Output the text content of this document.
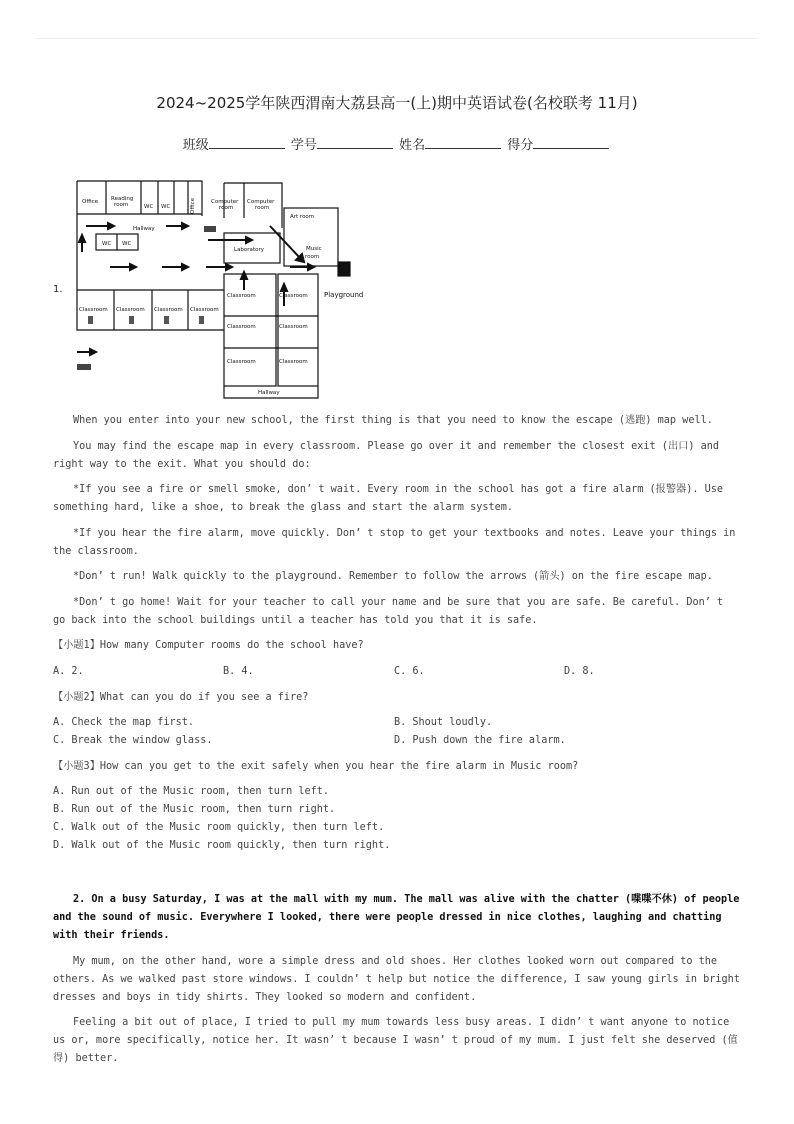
2024~2025学年陕西渭南大荔县高一(上)期中英语试卷(名校联考 11月)
班级	学号	姓名	得分
1.
Office Reading
room	WC WC	Office
WC WC
Computer
room
Computer
room
Hallway
Art room
Laboratory	Music
room
Classroom Classroom Classroom Classroom
Classroom	Classroom
Classroom	Classroom
Classroom	Classroom
Hallway
Playground
When you enter into your new school, the first thing is that you need to know the escape (逃跑) map well.
You may find the escape map in every classroom. Please go over it and remember the closest exit (出口) and right way to the exit. What you should do:
*If you see a fire or smell smoke, don’ t wait. Every room in the school has got a fire alarm (报警器). Use something hard, like a shoe, to break the glass and start the alarm system.
*If you hear the fire alarm, move quickly. Don’ t stop to get your textbooks and notes. Leave your things in the classroom.
*Don’ t run! Walk quickly to the playground. Remember to follow the arrows (箭头) on the fire escape map.
*Don’ t go home! Wait for your teacher to call your name and be sure that you are safe. Be careful. Don’ t go back into the school buildings until a teacher has told you that it is safe.
【小题1】How many Computer rooms do the school have?
A. 2.	B. 4.	C. 6.	D. 8.
【小题2】What can you do if you see a fire?
A. Check the map first.	B. Shout loudly.
C. Break the window glass.	D. Push down the fire alarm.
【小题3】How can you get to the exit safely when you hear the fire alarm in Music room?
A. Run out of the Music room, then turn left.
B. Run out of the Music room, then turn right.
C. Walk out of the Music room quickly, then turn left.
D. Walk out of the Music room quickly, then turn right.
2. On a busy Saturday, I was at the mall with my mum. The mall was alive with the chatter (喋喋不休) of people and the sound of music. Everywhere I looked, there were people dressed in nice clothes, laughing and chatting with their friends.
My mum, on the other hand, wore a simple dress and old shoes. Her clothes looked worn out compared to the others. As we walked past store windows. I couldn’ t help but notice the difference, I saw young girls in bright dresses and boys in tidy shirts. They looked so modern and confident.
Feeling a bit out of place, I tried to pull my mum towards less busy areas. I didn’ t want anyone to notice us or, more specifically, notice her. It wasn’ t because I wasn’ t proud of my mum. I just felt she deserved (值得) better.
